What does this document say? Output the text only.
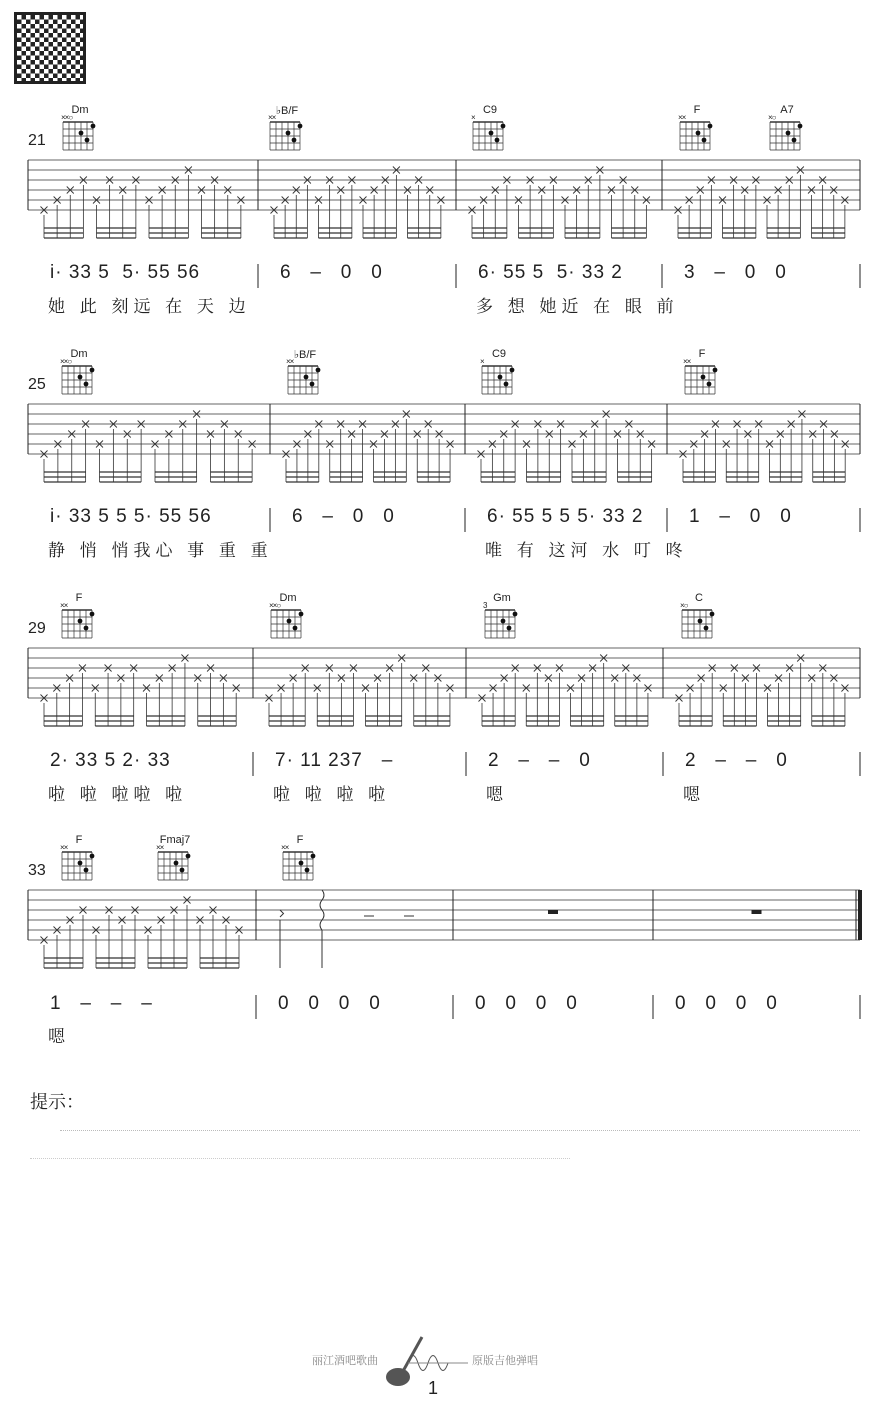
21
Dm
××○
♭B/F
××
C9
×
F
××
A7
×○
i· 33 5  5· 55 56
她 此 刻远 在 天 边
6   –   0   0	6· 55 5  5· 33 2
多 想 她近 在 眼 前
3   –   0   0
25
Dm
××○
♭B/F
××
C9
×
F
××
i· 33 5 5 5· 55 56
静 悄 悄我心 事 重 重
6   –   0   0	6· 55 5 5 5· 33 2
唯 有 这河 水 叮 咚
1   –   0   0
29
F
××
Dm
××○
Gm
3
C
×○
2· 33 5 2· 33
啦 啦 啦啦 啦
7· 11 237   –
啦 啦 啦 啦
2   –   –   0
嗯
2   –   –   0
嗯
33
F
××
Fmaj7
××
F
××
1   –   –   –
嗯
0   0   0   0	0   0   0   0	0   0   0   0
提示：
丽江酒吧歌曲	原版吉他弹唱
1
